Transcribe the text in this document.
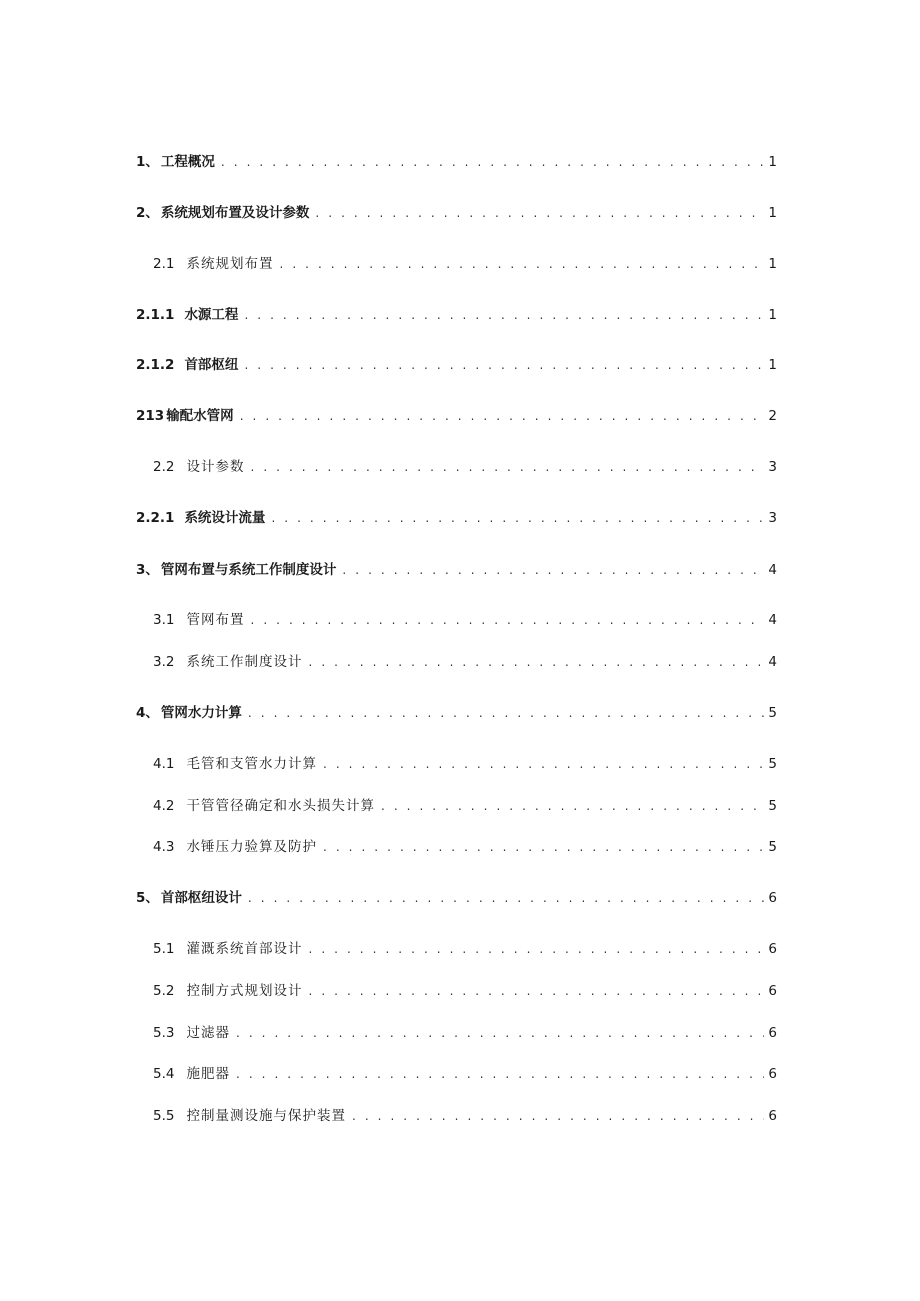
1、 工程概况 . . .	1
2、 系统规划布置及设计参数 . . .	1
2.1 系统规划布置 . . .	1
2.1.1 水源工程 . . .	1
2.1.2 首部枢纽 . . .	1
213 输配水管网 . . .	2
2.2 设计参数 . . .	3
2.2.1 系统设计流量 . . .	3
3、 管网布置与系统工作制度设计 . . .	4
3.1 管网布置 . . .	4
3.2 系统工作制度设计 . . .	4
4、 管网水力计算 . . .	5
4.1 毛管和支管水力计算 . . .	5
4.2 干管管径确定和水头损失计算 . . .	5
4.3 水锤压力验算及防护 . . .	5
5、 首部枢纽设计 . . .	6
5.1 灌溉系统首部设计 . . .	6
5.2 控制方式规划设计 . . .	6
5.3 过滤器 . . .	6
5.4 施肥器 . . .	6
5.5 控制量测设施与保护装置 . . .	6
